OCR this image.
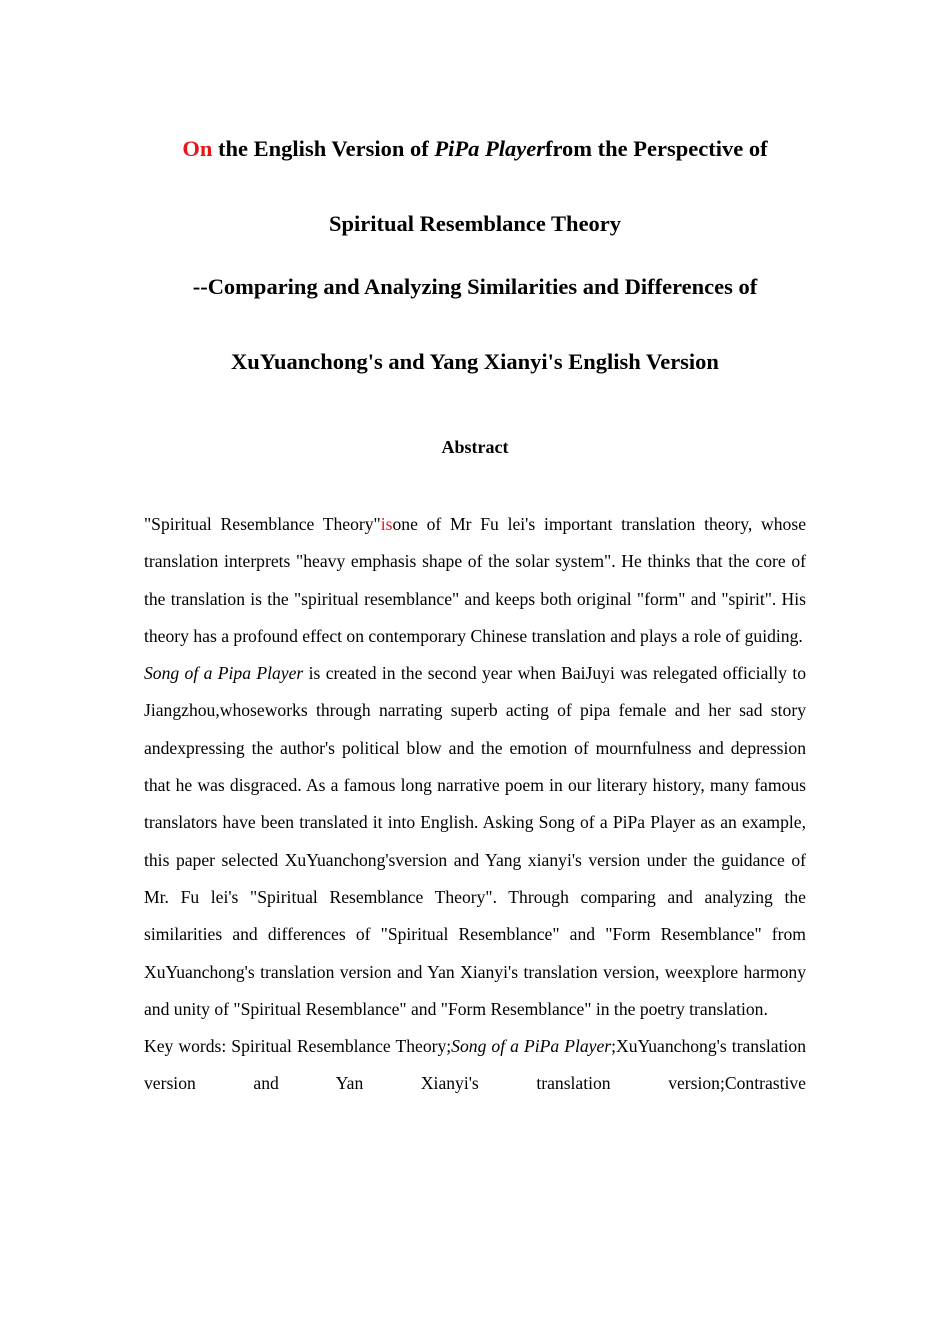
On the English Version of PiPa Playerfrom the Perspective of
Spiritual Resemblance Theory
--Comparing and Analyzing Similarities and Differences of
XuYuanchong's and Yang Xianyi's English Version
Abstract

"Spiritual Resemblance Theory"isone of Mr Fu lei's important translation theory, whose translation interprets "heavy emphasis shape of the solar system". He thinks that the core of the translation is the "spiritual resemblance" and keeps both original "form" and "spirit". His theory has a profound effect on contemporary Chinese translation and plays a role of guiding.

Song of a Pipa Player is created in the second year when BaiJuyi was relegated officially to Jiangzhou,whoseworks through narrating superb acting of pipa female and her sad story andexpressing the author's political blow and the emotion of mournfulness and depression that he was disgraced. As a famous long narrative poem in our literary history, many famous translators have been translated it into English. Asking Song of a PiPa Player as an example, this paper selected XuYuanchong'sversion and Yang xianyi's version under the guidance of Mr. Fu lei's "Spiritual Resemblance Theory". Through comparing and analyzing the similarities and differences of "Spiritual Resemblance" and "Form Resemblance" from XuYuanchong's translation version and Yan Xianyi's translation version, weexplore harmony and unity of "Spiritual Resemblance" and "Form Resemblance" in the poetry translation.

Key words: Spiritual Resemblance Theory;Song of a PiPa Player;XuYuanchong's translation version and Yan Xianyi's translation version;Contrastive
